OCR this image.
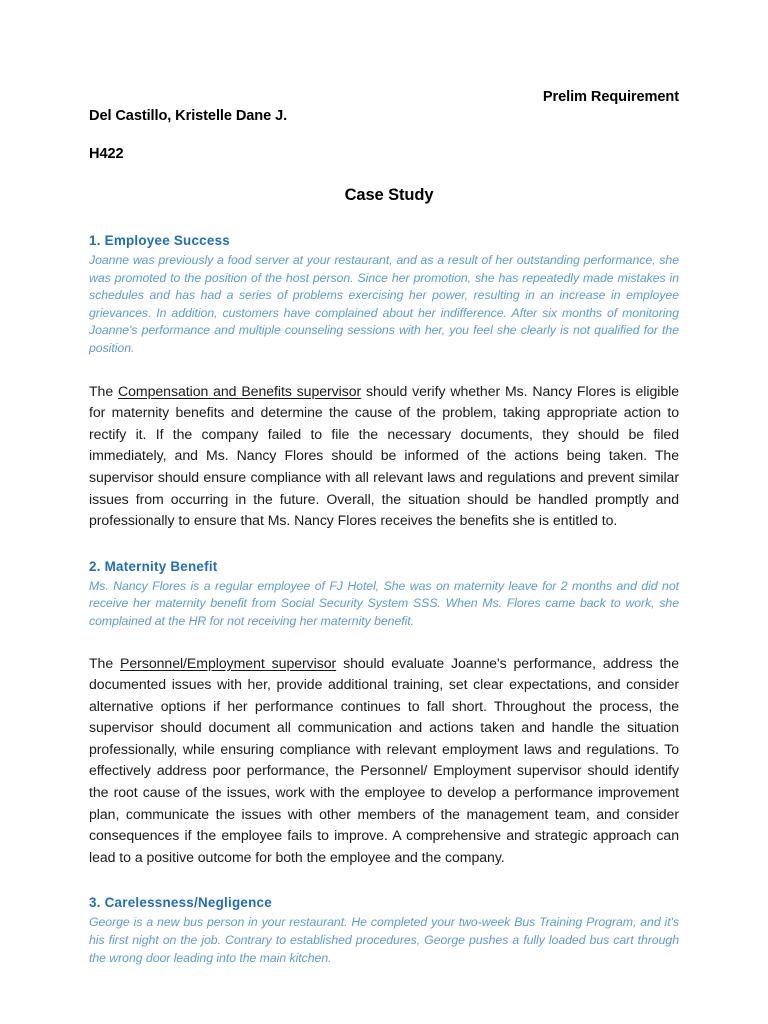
Del Castillo, Kristelle Dane J.

H422

Prelim Requirement
Case Study
1. Employee Success

Joanne was previously a food server at your restaurant, and as a result of her outstanding performance, she was promoted to the position of the host person. Since her promotion, she has repeatedly made mistakes in schedules and has had a series of problems exercising her power, resulting in an increase in employee grievances. In addition, customers have complained about her indifference. After six months of monitoring Joanne's performance and multiple counseling sessions with her, you feel she clearly is not qualified for the position.

The Compensation and Benefits supervisor should verify whether Ms. Nancy Flores is eligible for maternity benefits and determine the cause of the problem, taking appropriate action to rectify it. If the company failed to file the necessary documents, they should be filed immediately, and Ms. Nancy Flores should be informed of the actions being taken. The supervisor should ensure compliance with all relevant laws and regulations and prevent similar issues from occurring in the future. Overall, the situation should be handled promptly and professionally to ensure that Ms. Nancy Flores receives the benefits she is entitled to.

2. Maternity Benefit

Ms. Nancy Flores is a regular employee of FJ Hotel, She was on maternity leave for 2 months and did not receive her maternity benefit from Social Security System SSS. When Ms. Flores came back to work, she complained at the HR for not receiving her maternity benefit.

The Personnel/Employment supervisor should evaluate Joanne's performance, address the documented issues with her, provide additional training, set clear expectations, and consider alternative options if her performance continues to fall short. Throughout the process, the supervisor should document all communication and actions taken and handle the situation professionally, while ensuring compliance with relevant employment laws and regulations. To effectively address poor performance, the Personnel/ Employment supervisor should identify the root cause of the issues, work with the employee to develop a performance improvement plan, communicate the issues with other members of the management team, and consider consequences if the employee fails to improve. A comprehensive and strategic approach can lead to a positive outcome for both the employee and the company.

3. Carelessness/Negligence

George is a new bus person in your restaurant. He completed your two-week Bus Training Program, and it's his first night on the job. Contrary to established procedures, George pushes a fully loaded bus cart through the wrong door leading into the main kitchen.
